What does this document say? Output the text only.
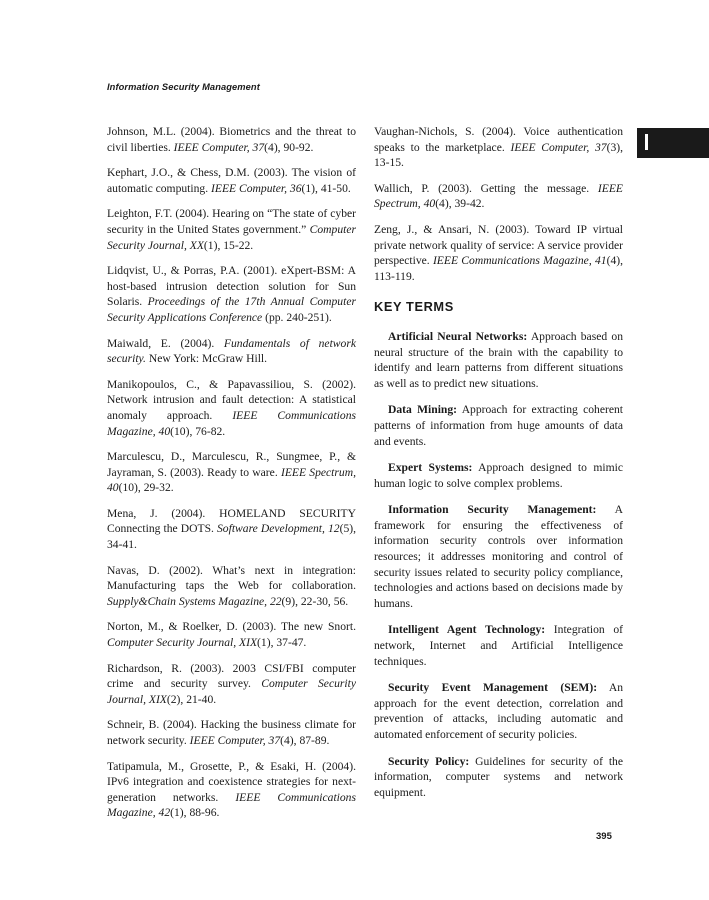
Information Security Management

Johnson, M.L. (2004). Biometrics and the threat to civil liberties. IEEE Computer, 37(4), 90-92.

Kephart, J.O., & Chess, D.M. (2003). The vision of automatic computing. IEEE Computer, 36(1), 41-50.

Leighton, F.T. (2004). Hearing on “The state of cyber security in the United States government.” Computer Security Journal, XX(1), 15-22.

Lidqvist, U., & Porras, P.A. (2001). eXpert-BSM: A host-based intrusion detection solution for Sun Solaris. Proceedings of the 17th Annual Computer Security Applications Conference (pp. 240-251).

Maiwald, E. (2004). Fundamentals of network security. New York: McGraw Hill.

Manikopoulos, C., & Papavassiliou, S. (2002). Network intrusion and fault detection: A statistical anomaly approach. IEEE Communications Magazine, 40(10), 76-82.

Marculescu, D., Marculescu, R., Sungmee, P., & Jayraman, S. (2003). Ready to ware. IEEE Spectrum, 40(10), 29-32.

Mena, J. (2004). HOMELAND SECURITY Connecting the DOTS. Software Development, 12(5), 34-41.

Navas, D. (2002). What’s next in integration: Manufacturing taps the Web for collaboration. Supply&Chain Systems Magazine, 22(9), 22-30, 56.

Norton, M., & Roelker, D. (2003). The new Snort. Computer Security Journal, XIX(1), 37-47.

Richardson, R. (2003). 2003 CSI/FBI computer crime and security survey. Computer Security Journal, XIX(2), 21-40.

Schneir, B. (2004). Hacking the business climate for network security. IEEE Computer, 37(4), 87-89.

Tatipamula, M., Grosette, P., & Esaki, H. (2004). IPv6 integration and coexistence strategies for next-generation networks. IEEE Communications Magazine, 42(1), 88-96.

Vaughan-Nichols, S. (2004). Voice authentication speaks to the marketplace. IEEE Computer, 37(3), 13-15.

Wallich, P. (2003). Getting the message. IEEE Spectrum, 40(4), 39-42.

Zeng, J., & Ansari, N. (2003). Toward IP virtual private network quality of service: A service provider perspective. IEEE Communications Magazine, 41(4), 113-119.

KEY TERMS

Artificial Neural Networks: Approach based on neural structure of the brain with the capability to identify and learn patterns from different situations as well as to predict new situations.

Data Mining: Approach for extracting coherent patterns of information from huge amounts of data and events.

Expert Systems: Approach designed to mimic human logic to solve complex problems.

Information Security Management: A framework for ensuring the effectiveness of information security controls over information resources; it addresses monitoring and control of security issues related to security policy compliance, technologies and actions based on decisions made by humans.

Intelligent Agent Technology: Integration of network, Internet and Artificial Intelligence techniques.

Security Event Management (SEM): An approach for the event detection, correlation and prevention of attacks, including automatic and automated enforcement of security policies.

Security Policy: Guidelines for security of the information, computer systems and network equipment.

395
